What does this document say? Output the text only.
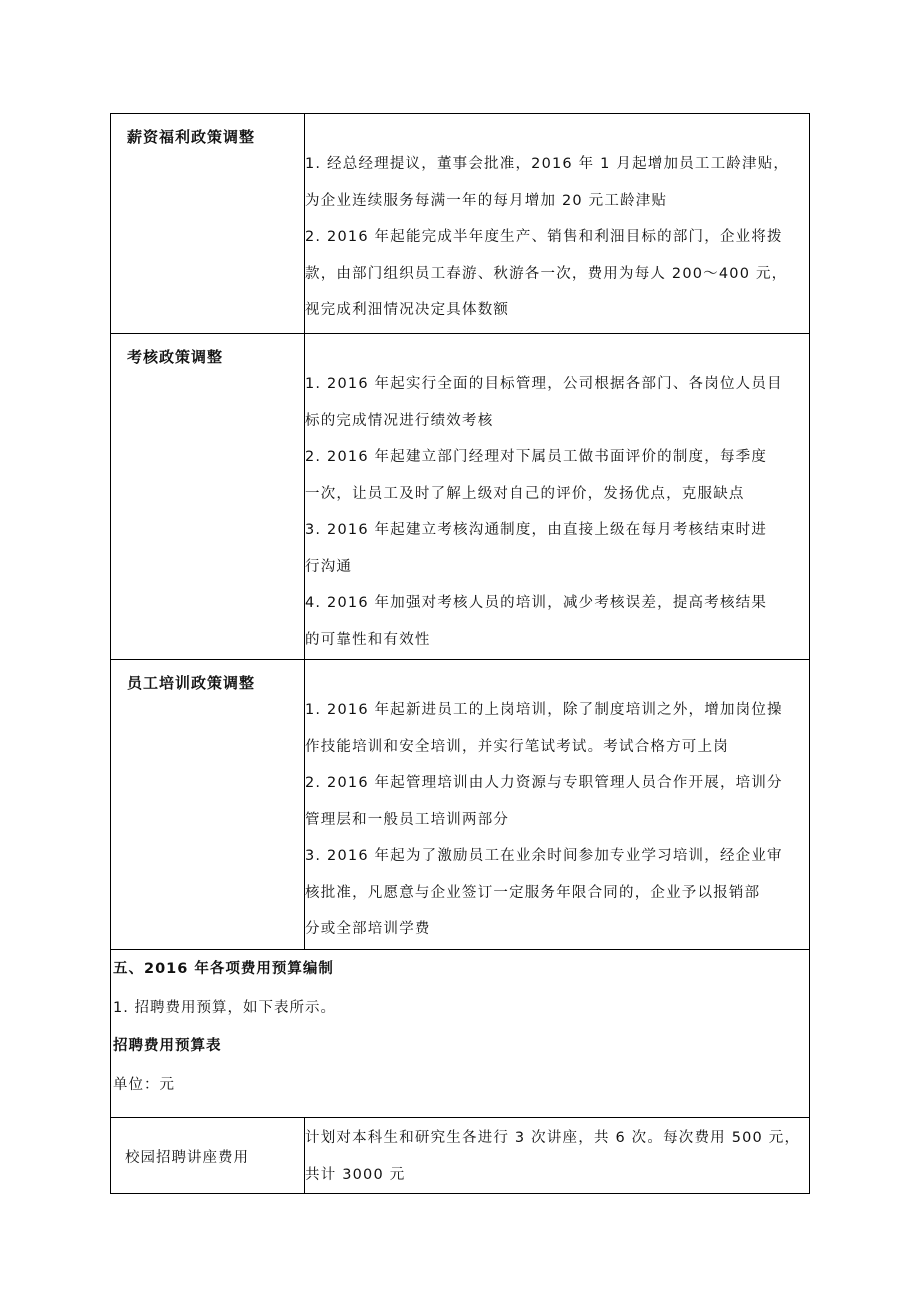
薪资福利政策调整

1. 经总经理提议，董事会批准，2016 年 1 月起增加员工工龄津贴，

为企业连续服务每满一年的每月增加 20 元工龄津贴

2. 2016 年起能完成半年度生产、销售和利沺目标的部门，企业将拨

款，由部门组织员工春游、秋游各一次，费用为每人 200～400 元，

视完成利沺情况决定具体数额

考核政策调整

1. 2016 年起实行全面的目标管理，公司根据各部门、各岗位人员目

标的完成情况进行绩效考核

2. 2016 年起建立部门经理对下属员工做书面评价的制度，每季度

一次，让员工及时了解上级对自己的评价，发扬优点，克服缺点

3. 2016 年起建立考核沟通制度，由直接上级在每月考核结束时进

行沟通

4. 2016 年加强对考核人员的培训，减少考核误差，提高考核结果

的可靠性和有效性

员工培训政策调整

1. 2016 年起新进员工的上岗培训，除了制度培训之外，增加岗位操

作技能培训和安全培训，并实行笔试考试。考试合格方可上岗

2. 2016 年起管理培训由人力资源与专职管理人员合作开展，培训分

管理层和一般员工培训两部分

3. 2016 年起为了激励员工在业余时间参加专业学习培训，经企业审

核批准，凡愿意与企业签订一定服务年限合同的，企业予以报销部

分或全部培训学费

五、2016 年各项费用预算编制
1. 招聘费用预算，如下表所示。
招聘费用预算表
单位：元
校园招聘讲座费用

计划对本科生和研究生各进行 3 次讲座，共 6 次。每次费用 500 元，

共计 3000 元
